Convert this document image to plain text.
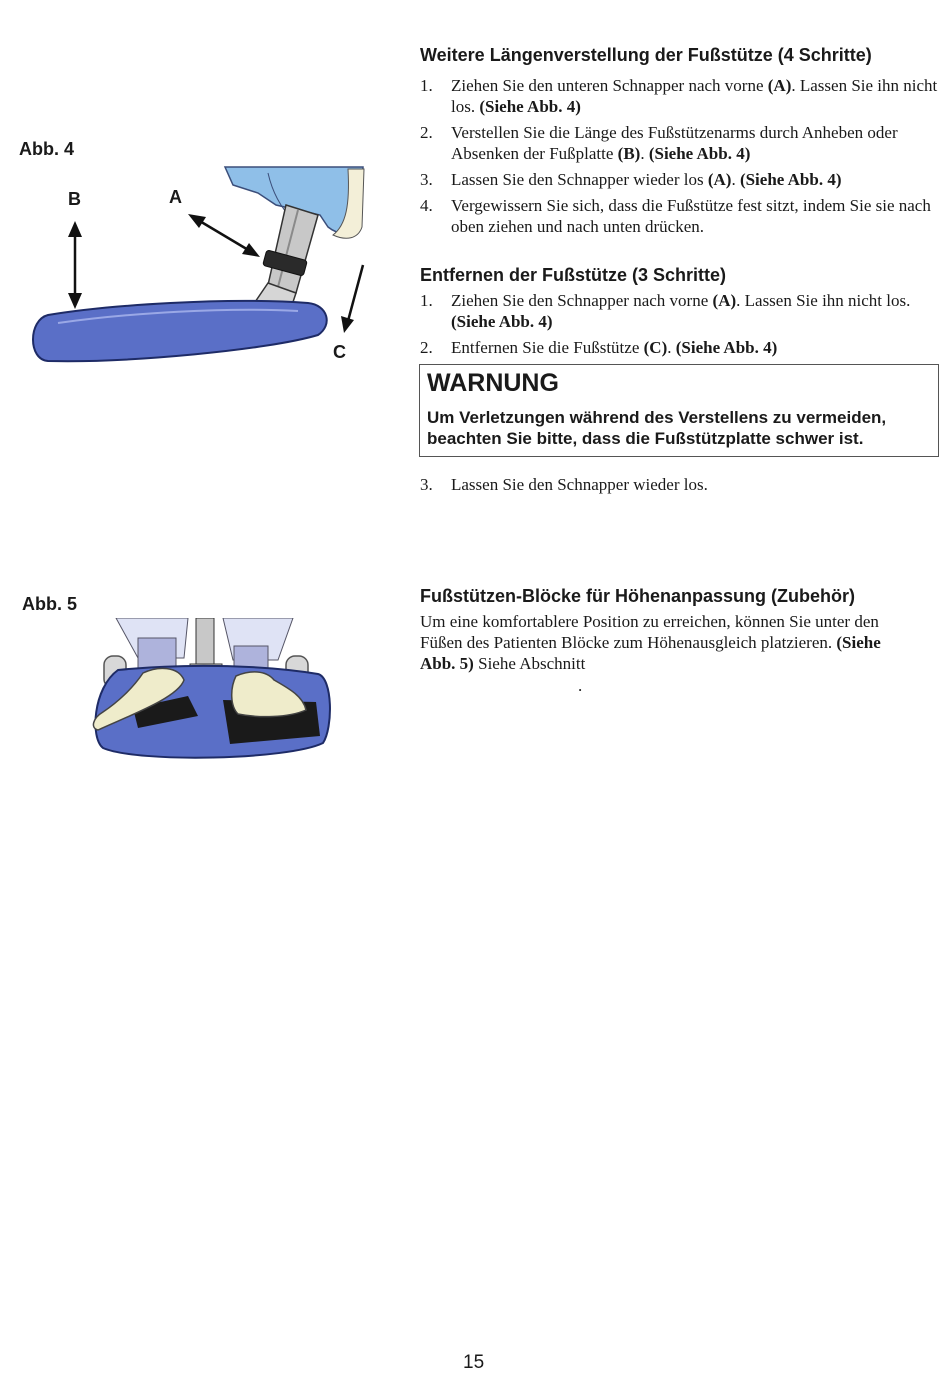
Abb. 4
B	A
C
Abb. 5
Weitere Längenverstellung der Fußstütze (4 Schritte)
1. Ziehen Sie den unteren Schnapper nach vorne (A). Lassen Sie ihn nicht los. (Siehe Abb. 4)
2. Verstellen Sie die Länge des Fußstützenarms durch Anheben oder Absenken der Fußplatte (B). (Siehe Abb. 4)
3. Lassen Sie den Schnapper wieder los (A). (Siehe Abb. 4)
4. Vergewissern Sie sich, dass die Fußstütze fest sitzt, indem Sie sie nach oben ziehen und nach unten drücken.
Entfernen der Fußstütze (3 Schritte)
1. Ziehen Sie den Schnapper nach vorne (A). Lassen Sie ihn nicht los. (Siehe Abb. 4)
2. Entfernen Sie die Fußstütze (C). (Siehe Abb. 4)

WARNUNG

Um Verletzungen während des Verstellens zu vermeiden, beachten Sie bitte, dass die Fußstützplatte schwer ist.

3. Lassen Sie den Schnapper wieder los.
Fußstützen-Blöcke für Höhenanpassung (Zubehör)

Um eine komfortablere Position zu erreichen, können Sie unter den Füßen des Patienten Blöcke zum Höhenausgleich platzieren. (Siehe Abb. 5) Siehe Abschnitt

.
15
